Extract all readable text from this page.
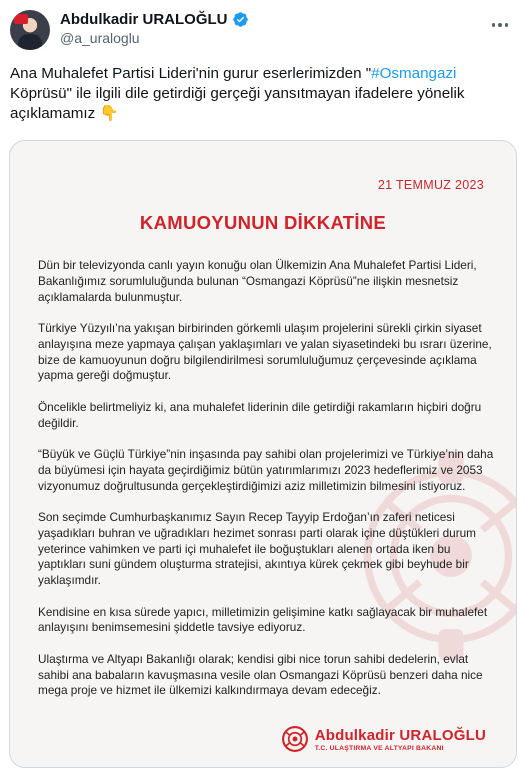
Abdulkadir URALOĞLU
@a_uraloglu
Ana Muhalefet Partisi Lideri'nin gurur eserlerimizden "#Osmangazi
Köprüsü" ile ilgili dile getirdiği gerçeği yansıtmayan ifadelere yönelik açıklamamız 👇
21 TEMMUZ 2023
KAMUOYUNUN DİKKATİNE

Dün bir televizyonda canlı yayın konuğu olan Ülkemizin Ana Muhalefet Partisi Lideri, Bakanlığımız sorumluluğunda bulunan “Osmangazi Köprüsü”ne ilişkin mesnetsiz açıklamalarda bulunmuştur.

Türkiye Yüzyılı’na yakışan birbirinden görkemli ulaşım projelerini sürekli çirkin siyaset anlayışına meze yapmaya çalışan yaklaşımları ve yalan siyasetindeki bu ısrarı üzerine, bize de kamuoyunun doğru bilgilendirilmesi sorumluluğumuz çerçevesinde açıklama yapma gereği doğmuştur.

Öncelikle belirtmeliyiz ki, ana muhalefet liderinin dile getirdiği rakamların hiçbiri doğru değildir.

“Büyük ve Güçlü Türkiye”nin inşasında pay sahibi olan projelerimizi ve Türkiye’nin daha da büyümesi için hayata geçirdiğimiz bütün yatırımlarımızı 2023 hedeflerimiz ve 2053 vizyonumuz doğrultusunda gerçekleştirdiğimizi aziz milletimizin bilmesini istiyoruz.

Son seçimde Cumhurbaşkanımız Sayın Recep Tayyip Erdoğan’ın zaferi neticesi yaşadıkları buhran ve uğradıkları hezimet sonrası parti olarak içine düştükleri durum yeterince vahimken ve parti içi muhalefet ile boğuştukları alenen ortada iken bu yaptıkları suni gündem oluşturma stratejisi, akıntıya kürek çekmek gibi beyhude bir yaklaşımdır.

Kendisine en kısa sürede yapıcı, milletimizin gelişimine katkı sağlayacak bir muhalefet anlayışını benimsemesini şiddetle tavsiye ediyoruz.

Ulaştırma ve Altyapı Bakanlığı olarak; kendisi gibi nice torun sahibi dedelerin, evlat sahibi ana babaların kavuşmasına vesile olan Osmangazi Köprüsü benzeri daha nice mega proje ve hizmet ile ülkemizi kalkındırmaya devam edeceğiz.

Abdulkadir URALOĞLU
T.C. ULAŞTIRMA VE ALTYAPI BAKANI
